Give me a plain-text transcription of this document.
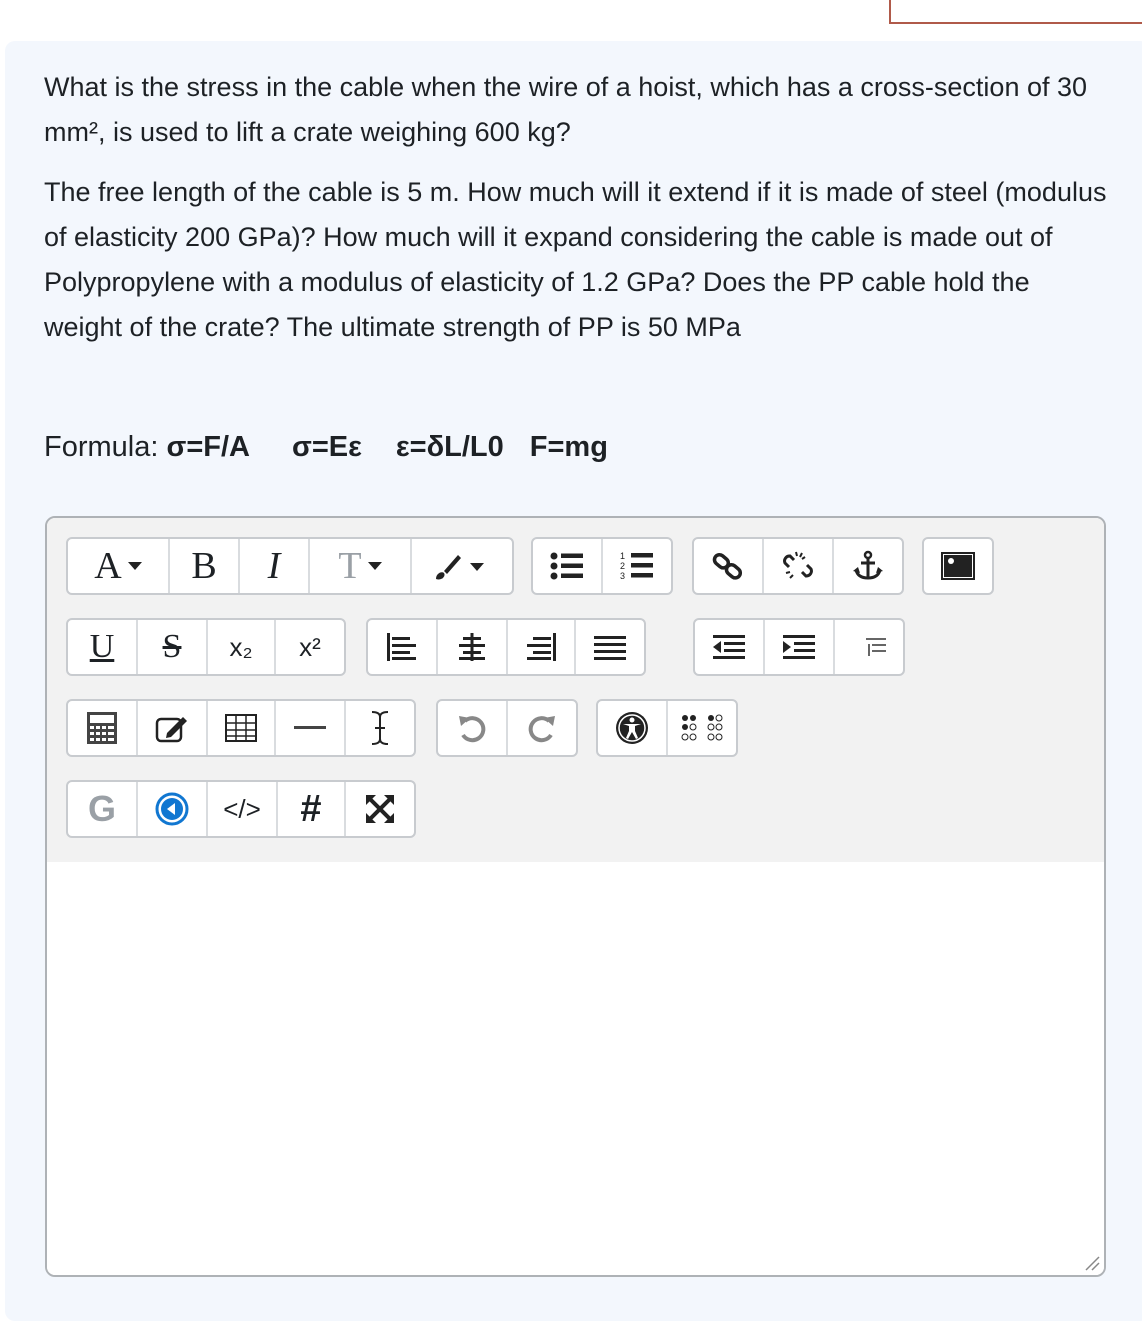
What is the stress in the cable when the wire of a hoist, which has a cross-section of 30 mm², is used to lift a crate weighing 600 kg?

The free length of the cable is 5 m. How much will it extend if it is made of steel (modulus of elasticity 200 GPa)? How much will it expand considering the cable is made out of Polypropylene with a modulus of elasticity of 1.2 GPa? Does the PP cable hold the weight of the crate? The ultimate strength of PP is 50 MPa

Formula: σ=F/A σ=Eε ε=δL/L0 F=mg
A B I T	1
2
3
U S x₂ x²
G	</> #
